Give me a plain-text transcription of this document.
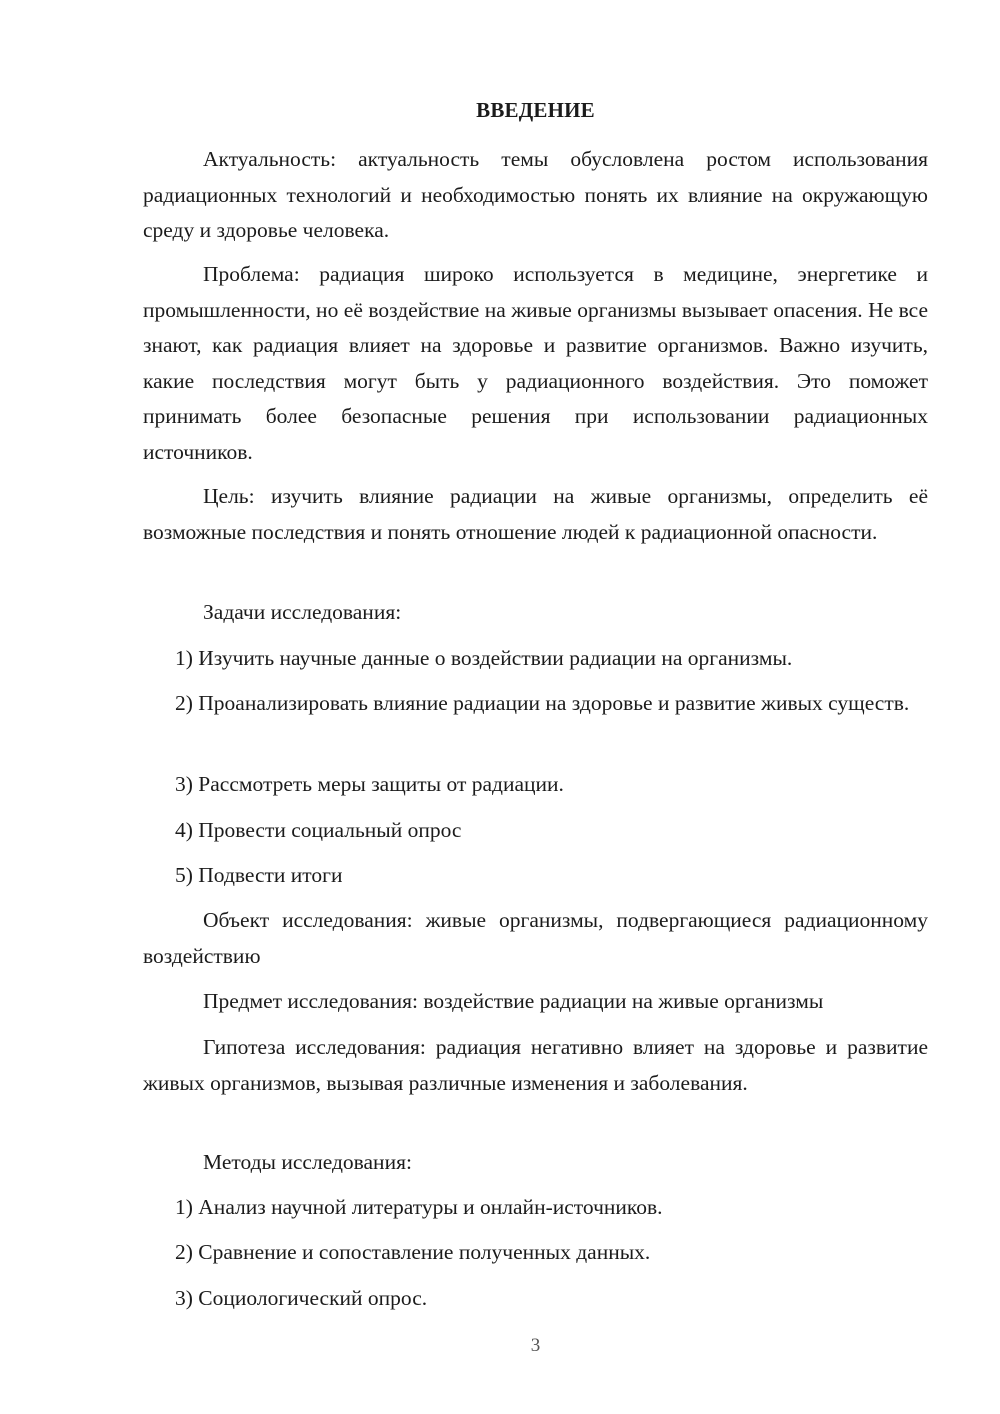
ВВЕДЕНИЕ

Актуальность: актуальность темы обусловлена ростом использования радиационных технологий и необходимостью понять их влияние на окружающую среду и здоровье человека.

Проблема: радиация широко используется в медицине, энергетике и промышленности, но её воздействие на живые организмы вызывает опасения. Не все знают, как радиация влияет на здоровье и развитие организмов. Важно изучить, какие последствия могут быть у радиационного воздействия. Это поможет принимать более безопасные решения при использовании радиационных источников.

Цель: изучить влияние радиации на живые организмы, определить её возможные последствия и понять отношение людей к радиационной опасности.

Задачи исследования:

1) Изучить научные данные о воздействии радиации на организмы.

2) Проанализировать влияние радиации на здоровье и развитие живых существ.

3) Рассмотреть меры защиты от радиации.

4) Провести социальный опрос

5) Подвести итоги

Объект исследования: живые организмы, подвергающиеся радиационному воздействию

Предмет исследования: воздействие радиации на живые организмы

Гипотеза исследования: радиация негативно влияет на здоровье и развитие живых организмов, вызывая различные изменения и заболевания.

Методы исследования:

1) Анализ научной литературы и онлайн-источников.

2) Сравнение и сопоставление полученных данных.

3) Социологический опрос.

3
